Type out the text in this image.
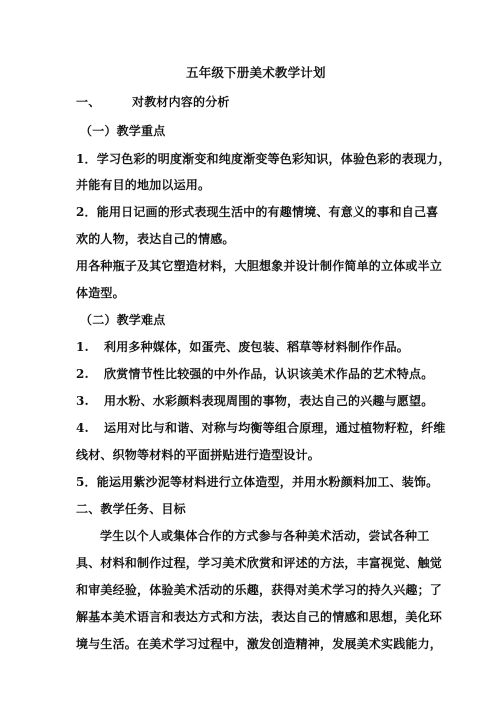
五年级下册美术教学计划
一、	对教材内容的分析
（一）教学重点
1．学习色彩的明度渐变和纯度渐变等色彩知识，体验色彩的表现力，
并能有目的地加以运用。
2．能用日记画的形式表现生活中的有趣情境、有意义的事和自己喜
欢的人物，表达自己的情感。
用各种瓶子及其它塑造材料，大胆想象并设计制作简单的立体或半立
体造型。
（二）教学难点
1. 利用多种媒体，如蛋壳、废包装、稻草等材料制作作品。
2. 欣赏情节性比较强的中外作品，认识该美术作品的艺术特点。
3. 用水粉、水彩颜料表现周围的事物，表达自己的兴趣与愿望。
4. 运用对比与和谐、对称与均衡等组合原理，通过植物籽粒，纤维
线材、织物等材料的平面拼贴进行造型设计。
5．能运用紫沙泥等材料进行立体造型，并用水粉颜料加工、装饰。
二、教学任务、目标
学生以个人或集体合作的方式参与各种美术活动，尝试各种工
具、材料和制作过程，学习美术欣赏和评述的方法，丰富视觉、触觉
和审美经验，体验美术活动的乐趣，获得对美术学习的持久兴趣；了
解基本美术语言和表达方式和方法，表达自己的情感和思想，美化环
境与生活。在美术学习过程中，激发创造精神，发展美术实践能力，
